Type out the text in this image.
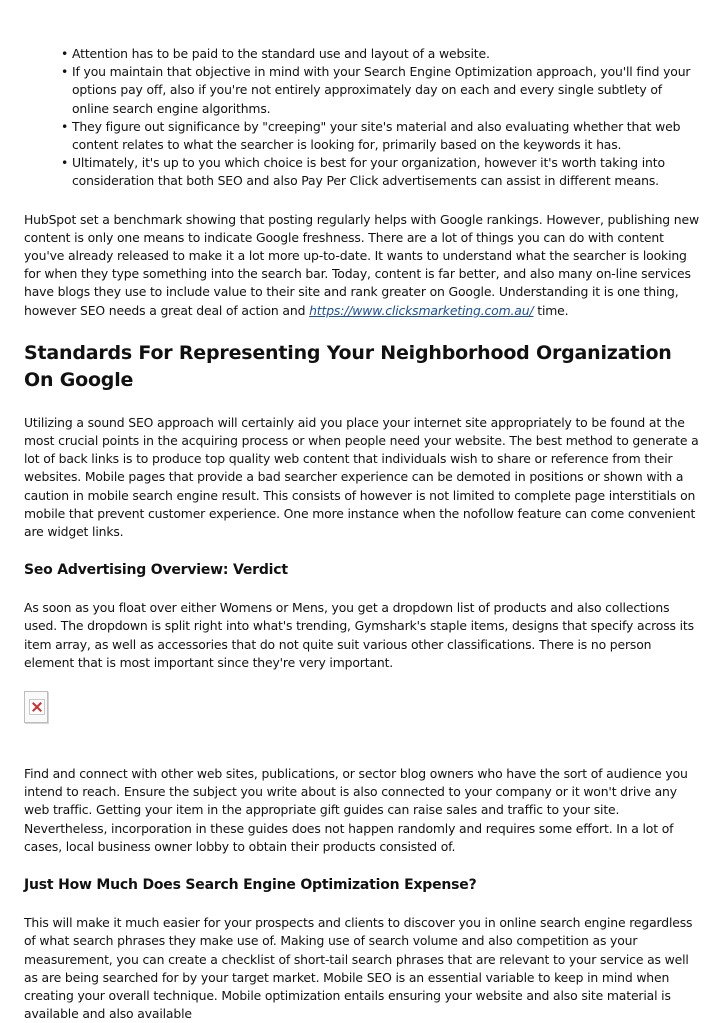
• Attention has to be paid to the standard use and layout of a website.
• If you maintain that objective in mind with your Search Engine Optimization approach, you'll find your options pay off, also if you're not entirely approximately day on each and every single subtlety of online search engine algorithms.
• They figure out significance by "creeping" your site's material and also evaluating whether that web content relates to what the searcher is looking for, primarily based on the keywords it has.
• Ultimately, it's up to you which choice is best for your organization, however it's worth taking into consideration that both SEO and also Pay Per Click advertisements can assist in different means.

HubSpot set a benchmark showing that posting regularly helps with Google rankings. However, publishing new content is only one means to indicate Google freshness. There are a lot of things you can do with content you've already released to make it a lot more up-to-date. It wants to understand what the searcher is looking for when they type something into the search bar. Today, content is far better, and also many on-line services have blogs they use to include value to their site and rank greater on Google. Understanding it is one thing, however SEO needs a great deal of action and https://www.clicksmarketing.com.au/ time.

Standards For Representing Your Neighborhood Organization On Google

Utilizing a sound SEO approach will certainly aid you place your internet site appropriately to be found at the most crucial points in the acquiring process or when people need your website. The best method to generate a lot of back links is to produce top quality web content that individuals wish to share or reference from their websites. Mobile pages that provide a bad searcher experience can be demoted in positions or shown with a caution in mobile search engine result. This consists of however is not limited to complete page interstitials on mobile that prevent customer experience. One more instance when the nofollow feature can come convenient are widget links.

Seo Advertising Overview: Verdict

As soon as you float over either Womens or Mens, you get a dropdown list of products and also collections used. The dropdown is split right into what's trending, Gymshark's staple items, designs that specify across its item array, as well as accessories that do not quite suit various other classifications. There is no person element that is most important since they're very important.

Find and connect with other web sites, publications, or sector blog owners who have the sort of audience you intend to reach. Ensure the subject you write about is also connected to your company or it won't drive any web traffic. Getting your item in the appropriate gift guides can raise sales and traffic to your site. Nevertheless, incorporation in these guides does not happen randomly and requires some effort. In a lot of cases, local business owner lobby to obtain their products consisted of.

Just How Much Does Search Engine Optimization Expense?

This will make it much easier for your prospects and clients to discover you in online search engine regardless of what search phrases they make use of. Making use of search volume and also competition as your measurement, you can create a checklist of short-tail search phrases that are relevant to your service as well as are being searched for by your target market. Mobile SEO is an essential variable to keep in mind when creating your overall technique. Mobile optimization entails ensuring your website and also site material is available and also available
